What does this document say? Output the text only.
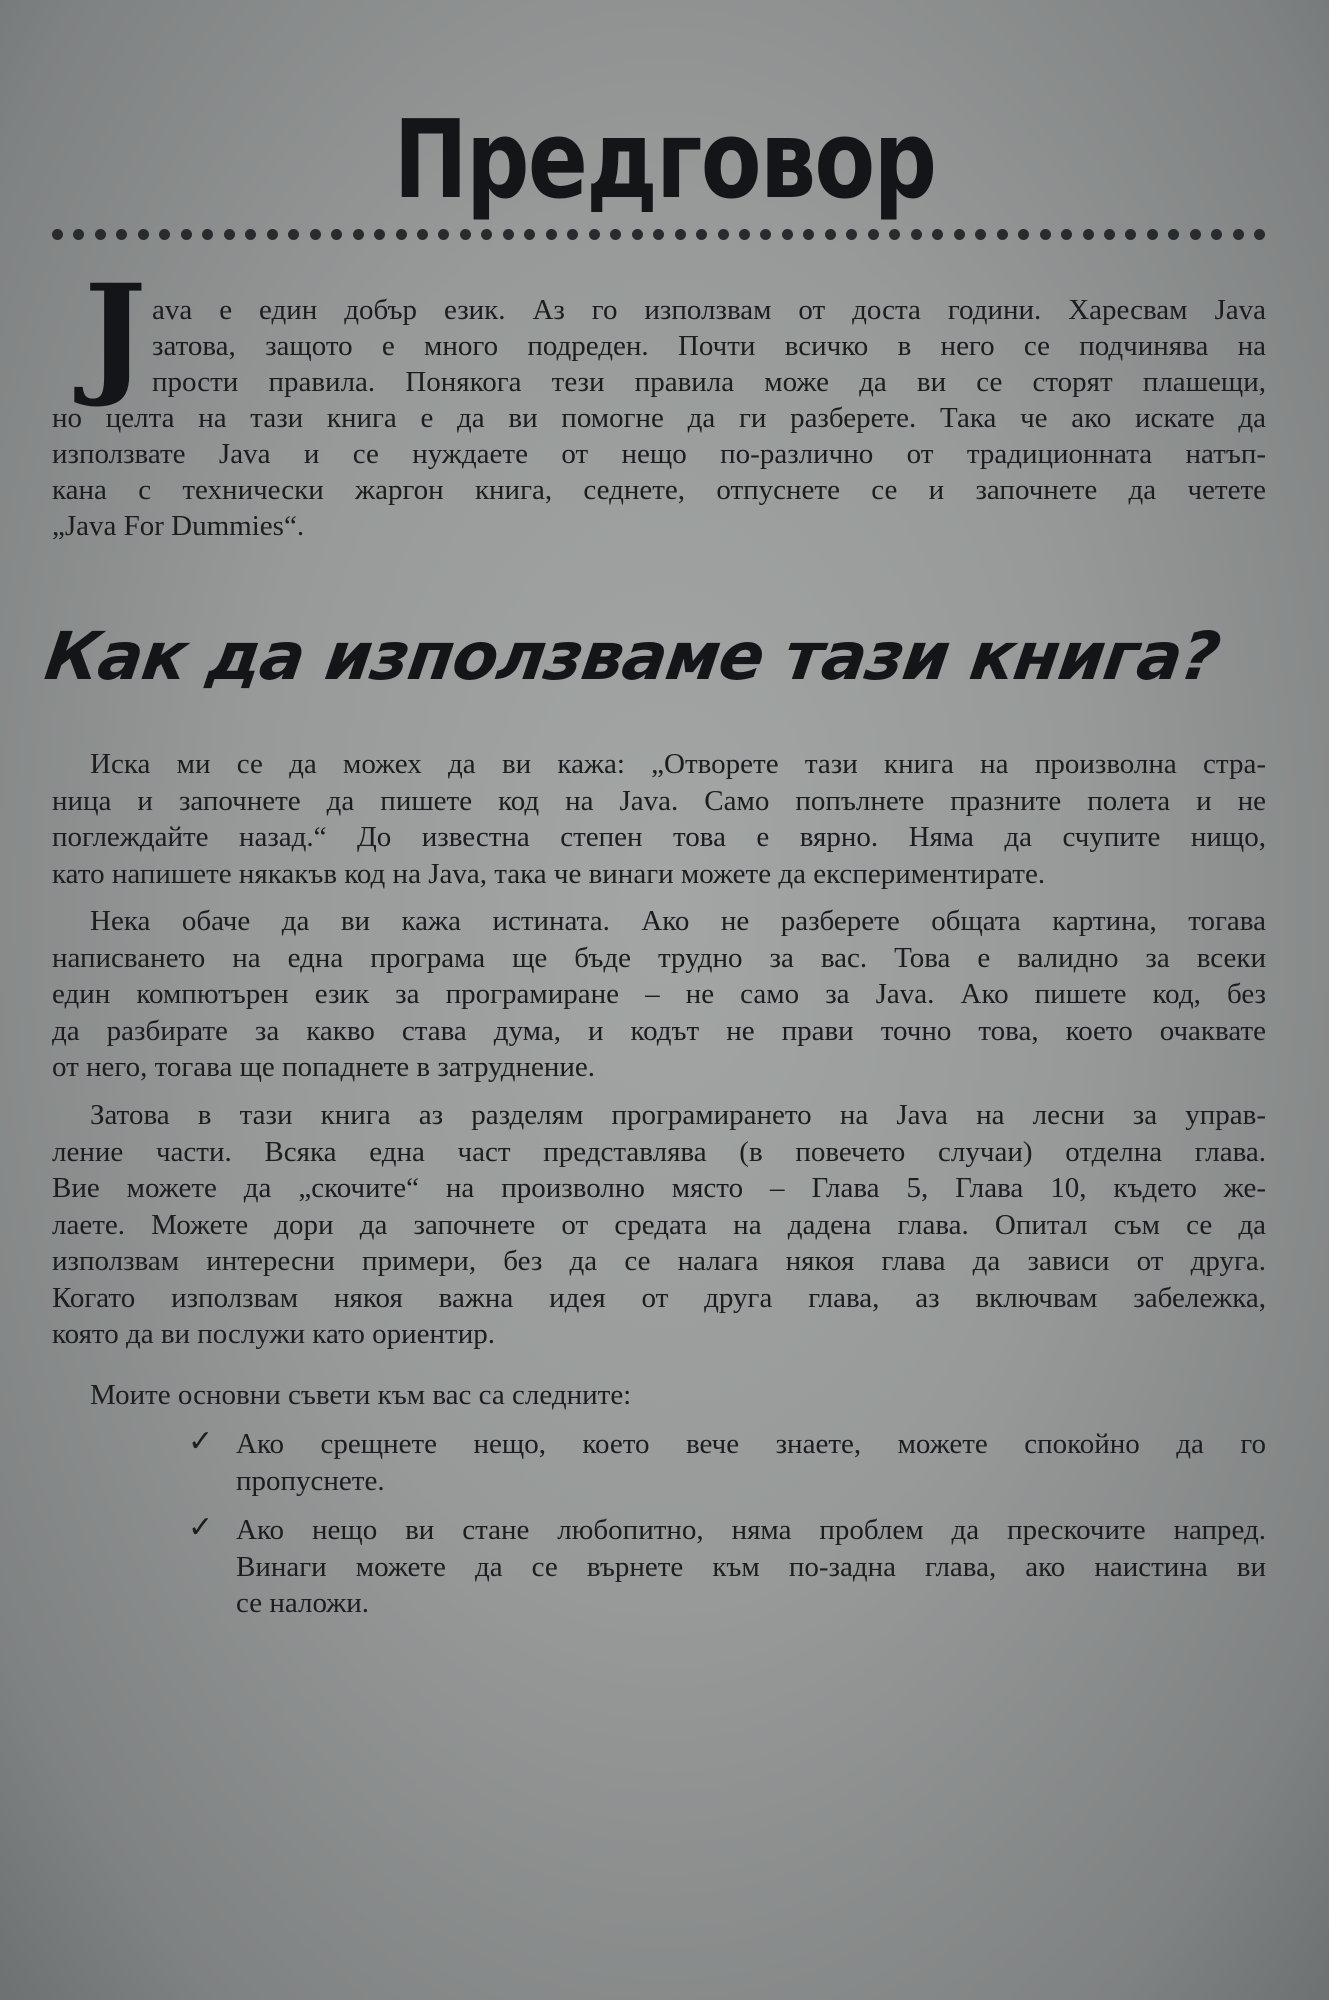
Предговор
J
Как да използваме тази книга?
ava е един добър език. Аз го използвам от доста години. Харесвам Java
затова, защото е много подреден. Почти всичко в него се подчинява на
прости правила. Понякога тези правила може да ви се сторят плашещи,
но целта на тази книга е да ви помогне да ги разберете. Така че ако искате да
използвате Java и се нуждаете от нещо по-различно от традиционната натъп-
кана с технически жаргон книга, седнете, отпуснете се и започнете да четете
„Java For Dummies“.
Иска ми се да можех да ви кажа: „Отворете тази книга на произволна стра-
ница и започнете да пишете код на Java. Само попълнете празните полета и не
поглеждайте назад.“ До известна степен това е вярно. Няма да счупите нищо,
като напишете някакъв код на Java, така че винаги можете да експериментирате.
Нека обаче да ви кажа истината. Ако не разберете общата картина, тогава
написването на една програма ще бъде трудно за вас. Това е валидно за всеки
един компютърен език за програмиране – не само за Java. Ако пишете код, без
да разбирате за какво става дума, и кодът не прави точно това, което очаквате
от него, тогава ще попаднете в затруднение.
Затова в тази книга аз разделям програмирането на Java на лесни за управ-
ление части. Всяка една част представлява (в повечето случаи) отделна глава.
Вие можете да „скочите“ на произволно място – Глава 5, Глава 10, където же-
лаете. Можете дори да започнете от средата на дадена глава. Опитал съм се да
използвам интересни примери, без да се налага някоя глава да зависи от друга.
Когато използвам някоя важна идея от друга глава, аз включвам забележка,
която да ви послужи като ориентир.
Моите основни съвети към вас са следните:
✓ Ако срещнете нещо, което вече знаете, можете спокойно да го
пропуснете.
✓ Ако нещо ви стане любопитно, няма проблем да прескочите напред.
Винаги можете да се върнете към по-задна глава, ако наистина ви
се наложи.
